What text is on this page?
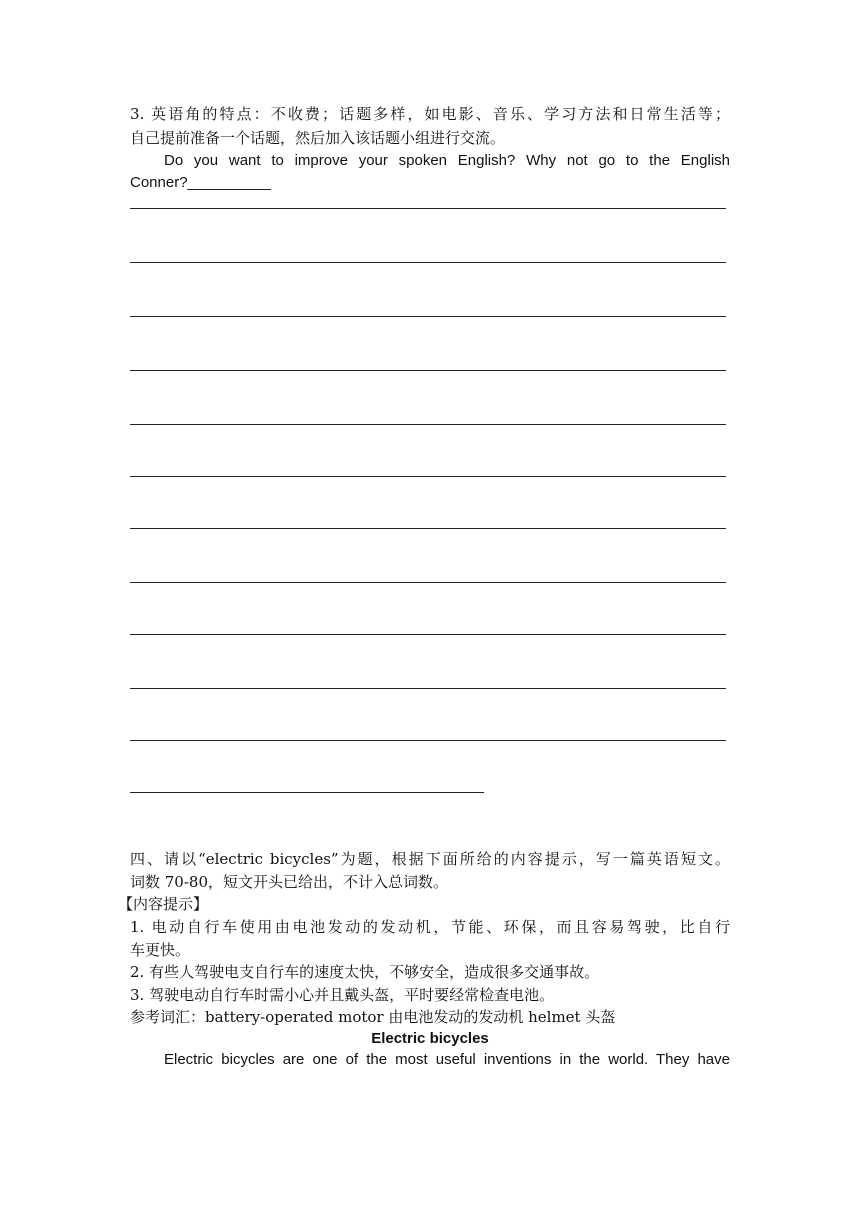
3. 英语角的特点：不收费；话题多样，如电影、音乐、学习方法和日常生活等；

自己提前准备一个话题，然后加入该话题小组进行交流。

Do you want to improve your spoken English? Why not go to the English

Conner?__________

四、请以“electric bicycles”为题，根据下面所给的内容提示，写一篇英语短文。

词数 70-80，短文开头已给出，不计入总词数。

【内容提示】

1. 电动自行车使用由电池发动的发动机，节能、环保，而且容易驾驶，比自行

车更快。

2. 有些人驾驶电支自行车的速度太快，不够安全，造成很多交通事故。

3. 驾驶电动自行车时需小心并且戴头盔，平时要经常检查电池。

参考词汇：battery-operated motor 由电池发动的发动机 helmet 头盔

Electric bicycles

Electric bicycles are one of the most useful inventions in the world. They have
